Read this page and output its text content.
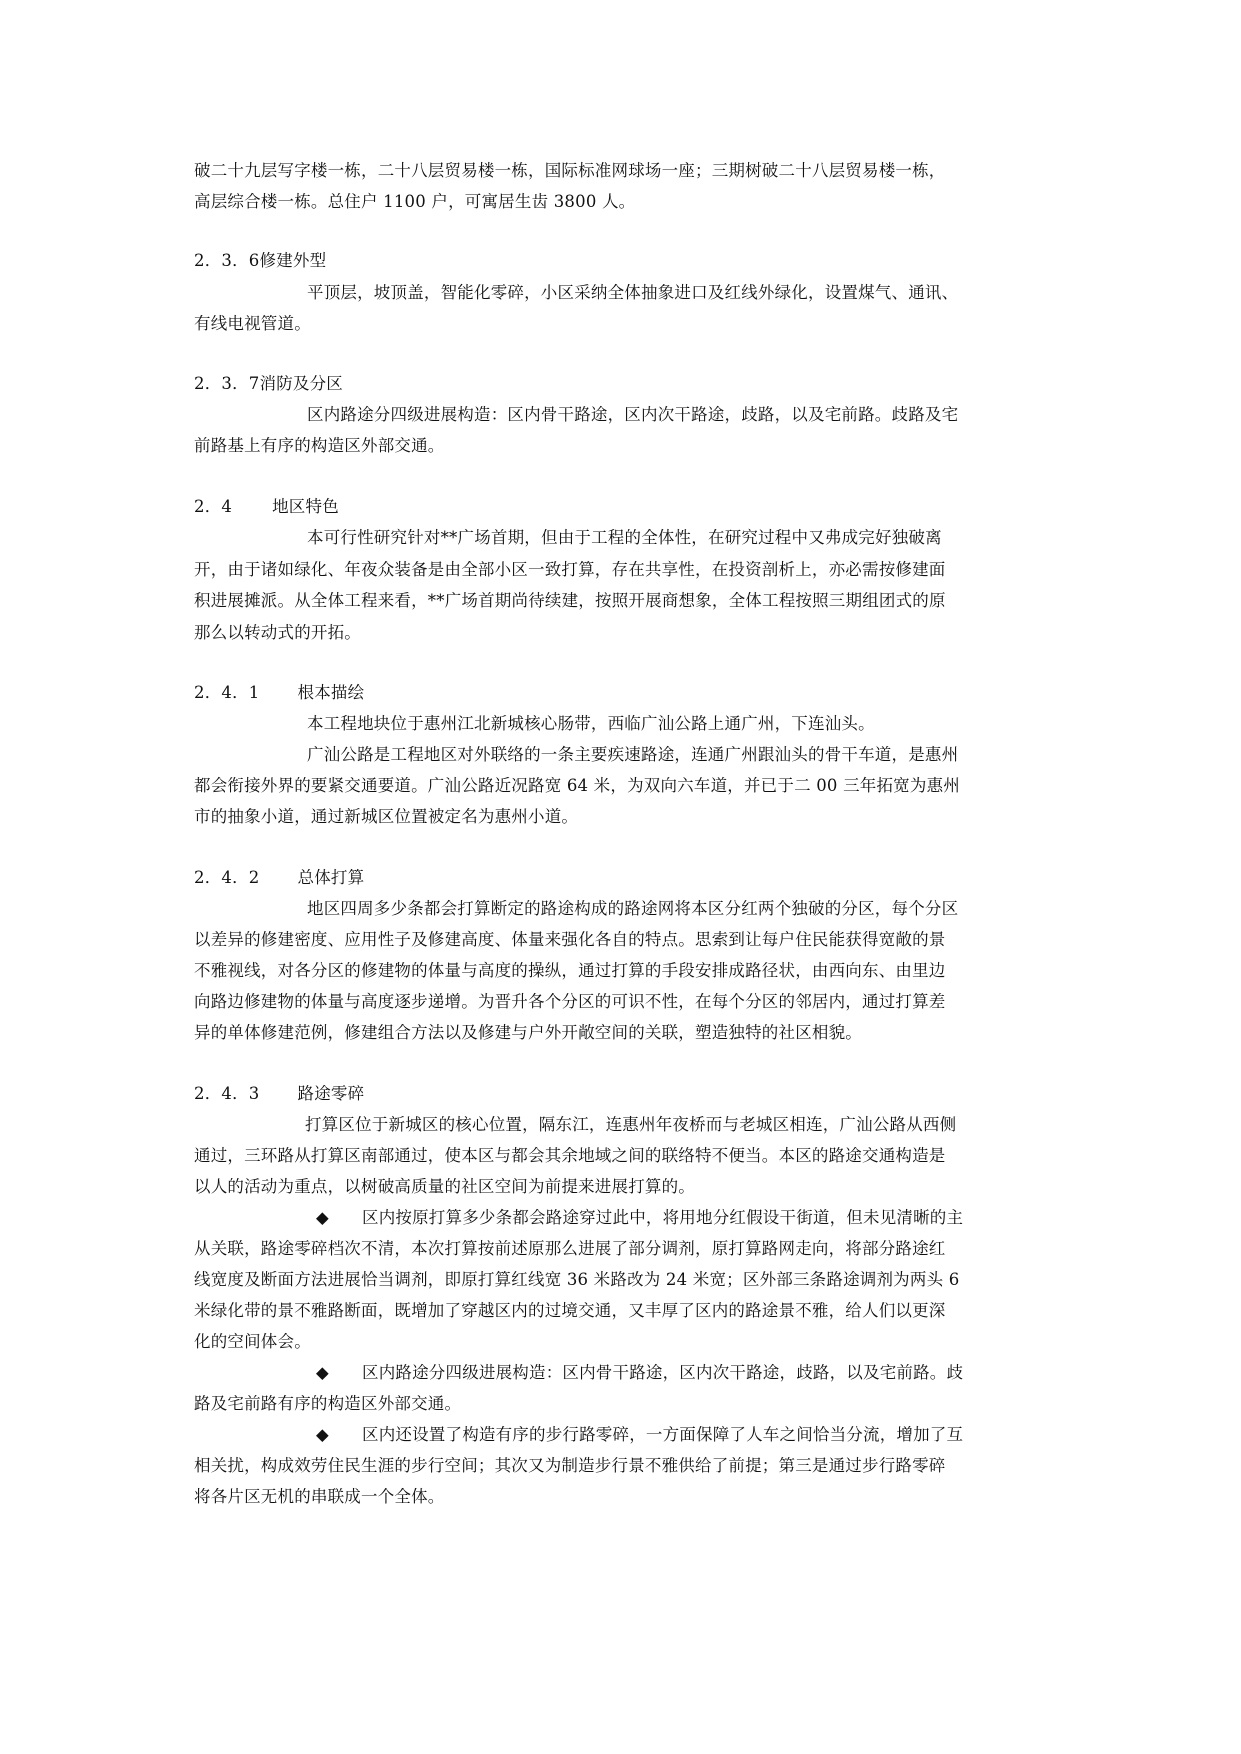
破二十九层写字楼一栋，二十八层贸易楼一栋，国际标准网球场一座；三期树破二十八层贸易楼一栋，
高层综合楼一栋。总住户 1100 户，可寓居生齿 3800 人。
2．3．6修建外型
平顶层，坡顶盖，智能化零碎，小区采纳全体抽象进口及红线外绿化，设置煤气、通讯、
有线电视管道。
2．3．7消防及分区
区内路途分四级进展构造：区内骨干路途，区内次干路途，歧路，以及宅前路。歧路及宅
前路基上有序的构造区外部交通。
2．4 地区特色
本可行性研究针对**广场首期，但由于工程的全体性，在研究过程中又弗成完好独破离
开，由于诸如绿化、年夜众装备是由全部小区一致打算，存在共享性，在投资剖析上，亦必需按修建面
积进展摊派。从全体工程来看，**广场首期尚待续建，按照开展商想象，全体工程按照三期组团式的原
那么以转动式的开拓。
2．4．1 根本描绘
本工程地块位于惠州江北新城核心肠带，西临广汕公路上通广州，下连汕头。
广汕公路是工程地区对外联络的一条主要疾速路途，连通广州跟汕头的骨干车道，是惠州
都会衔接外界的要紧交通要道。广汕公路近况路宽 64 米，为双向六车道，并已于二 00 三年拓宽为惠州
市的抽象小道，通过新城区位置被定名为惠州小道。
2．4．2 总体打算
地区四周多少条都会打算断定的路途构成的路途网将本区分红两个独破的分区，每个分区
以差异的修建密度、应用性子及修建高度、体量来强化各自的特点。思索到让每户住民能获得宽敞的景
不雅视线，对各分区的修建物的体量与高度的操纵，通过打算的手段安排成路径状，由西向东、由里边
向路边修建物的体量与高度逐步递增。为晋升各个分区的可识不性，在每个分区的邻居内，通过打算差
异的单体修建范例，修建组合方法以及修建与户外开敞空间的关联，塑造独特的社区相貌。
2．4．3 路途零碎
打算区位于新城区的核心位置，隔东江，连惠州年夜桥而与老城区相连，广汕公路从西侧
通过，三环路从打算区南部通过，使本区与都会其余地域之间的联络特不便当。本区的路途交通构造是
以人的活动为重点，以树破高质量的社区空间为前提来进展打算的。
◆ 区内按原打算多少条都会路途穿过此中，将用地分红假设干街道，但未见清晰的主
从关联，路途零碎档次不清，本次打算按前述原那么进展了部分调剂，原打算路网走向，将部分路途红
线宽度及断面方法进展恰当调剂，即原打算红线宽 36 米路改为 24 米宽；区外部三条路途调剂为两头 6
米绿化带的景不雅路断面，既增加了穿越区内的过境交通，又丰厚了区内的路途景不雅，给人们以更深
化的空间体会。
◆ 区内路途分四级进展构造：区内骨干路途，区内次干路途，歧路，以及宅前路。歧
路及宅前路有序的构造区外部交通。
◆ 区内还设置了构造有序的步行路零碎，一方面保障了人车之间恰当分流，增加了互
相关扰，构成效劳住民生涯的步行空间；其次又为制造步行景不雅供给了前提；第三是通过步行路零碎
将各片区无机的串联成一个全体。
